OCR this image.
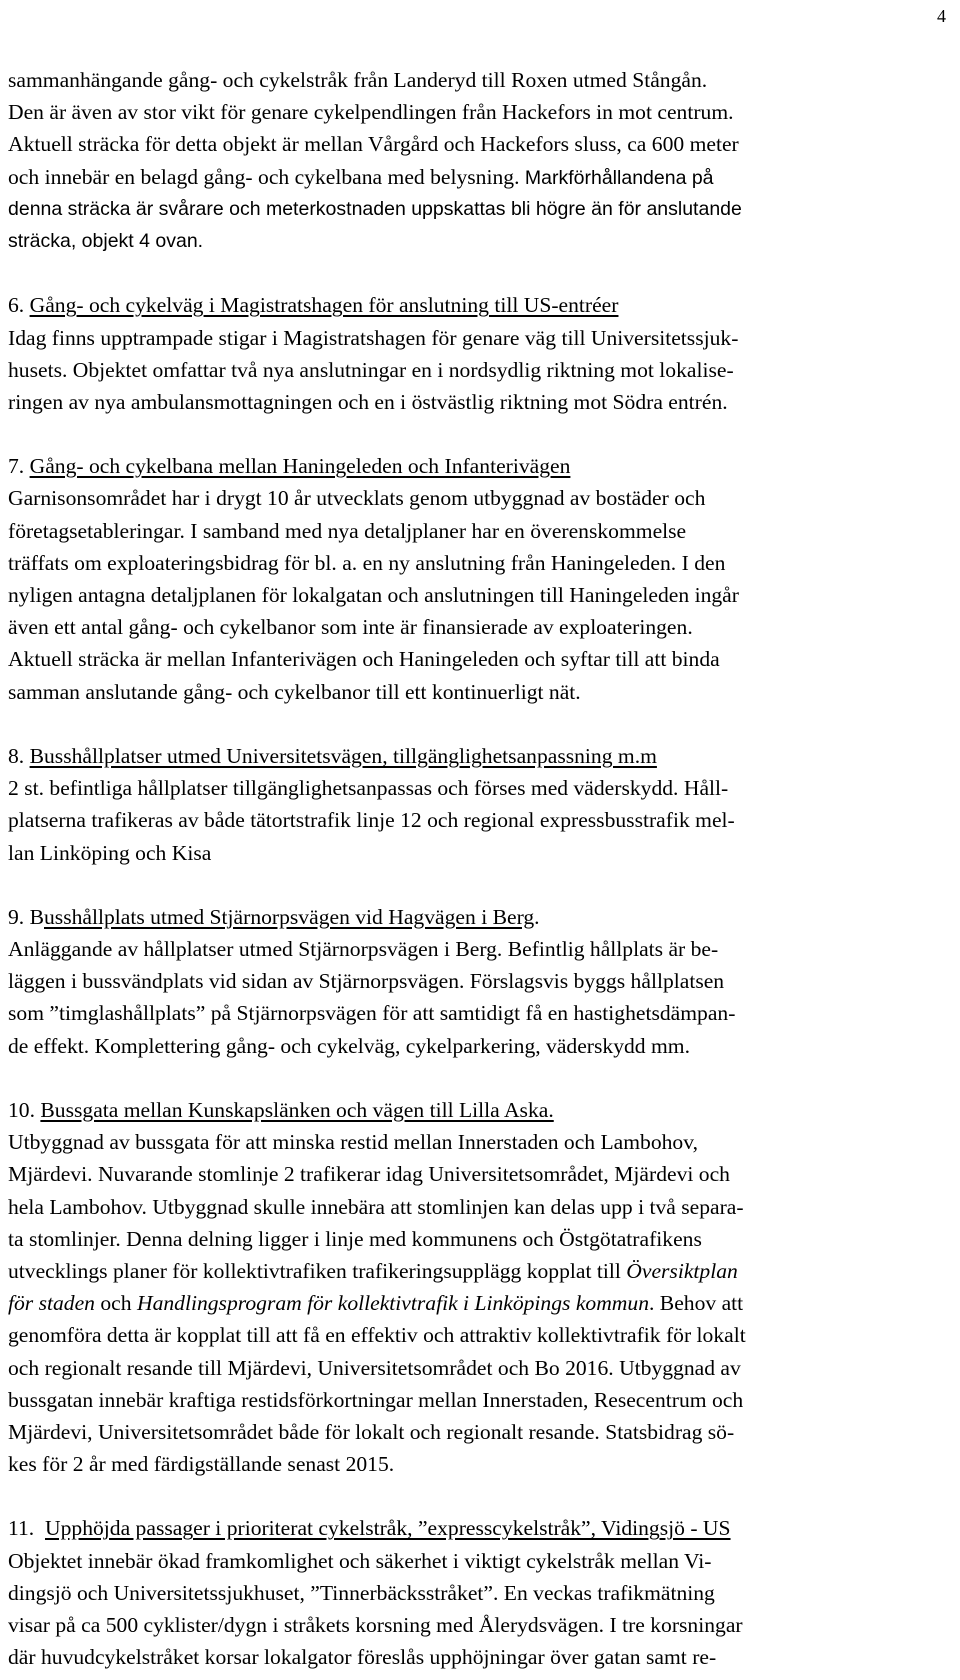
4
sammanhängande gång- och cykelstråk från Landeryd till Roxen utmed Stångån.
Den är även av stor vikt för genare cykelpendlingen från Hackefors in mot centrum.
Aktuell sträcka för detta objekt är mellan Vårgård och Hackefors sluss, ca 600 meter
och innebär en belagd gång- och cykelbana med belysning. Markförhållandena på
denna sträcka är svårare och meterkostnaden uppskattas bli högre än för anslutande
sträcka, objekt 4 ovan.
6. Gång- och cykelväg i Magistratshagen för anslutning till US-entréer
Idag finns upptrampade stigar i Magistratshagen för genare väg till Universitetssjuk-
husets. Objektet omfattar två nya anslutningar en i nordsydlig riktning mot lokalise-
ringen av nya ambulansmottagningen och en i östvästlig riktning mot Södra entrén.
7. Gång- och cykelbana mellan Haningeleden och Infanterivägen
Garnisonsområdet har i drygt 10 år utvecklats genom utbyggnad av bostäder och
företagsetableringar. I samband med nya detaljplaner har en överenskommelse
träffats om exploateringsbidrag för bl. a. en ny anslutning från Haningeleden. I den
nyligen antagna detaljplanen för lokalgatan och anslutningen till Haningeleden ingår
även ett antal gång- och cykelbanor som inte är finansierade av exploateringen.
Aktuell sträcka är mellan Infanterivägen och Haningeleden och syftar till att binda
samman anslutande gång- och cykelbanor till ett kontinuerligt nät.
8. Busshållplatser utmed Universitetsvägen, tillgänglighetsanpassning m.m
2 st. befintliga hållplatser tillgänglighetsanpassas och förses med väderskydd. Håll-
platserna trafikeras av både tätortstrafik linje 12 och regional expressbusstrafik mel-
lan Linköping och Kisa
9. Busshållplats utmed Stjärnorpsvägen vid Hagvägen i Berg.
Anläggande av hållplatser utmed Stjärnorpsvägen i Berg. Befintlig hållplats är be-
läggen i bussvändplats vid sidan av Stjärnorpsvägen. Förslagsvis byggs hållplatsen
som ”timglashållplats” på Stjärnorpsvägen för att samtidigt få en hastighetsdämpan-
de effekt. Komplettering gång- och cykelväg, cykelparkering, väderskydd mm.
10. Bussgata mellan Kunskapslänken och vägen till Lilla Aska.
Utbyggnad av bussgata för att minska restid mellan Innerstaden och Lambohov,
Mjärdevi. Nuvarande stomlinje 2 trafikerar idag Universitetsområdet, Mjärdevi och
hela Lambohov. Utbyggnad skulle innebära att stomlinjen kan delas upp i två separa-
ta stomlinjer. Denna delning ligger i linje med kommunens och Östgötatrafikens
utvecklings planer för kollektivtrafiken trafikeringsupplägg kopplat till Översiktplan
för staden och Handlingsprogram för kollektivtrafik i Linköpings kommun. Behov att
genomföra detta är kopplat till att få en effektiv och attraktiv kollektivtrafik för lokalt
och regionalt resande till Mjärdevi, Universitetsområdet och Bo 2016. Utbyggnad av
bussgatan innebär kraftiga restidsförkortningar mellan Innerstaden, Resecentrum och
Mjärdevi, Universitetsområdet både för lokalt och regionalt resande. Statsbidrag sö-
kes för 2 år med färdigställande senast 2015.
11.  Upphöjda passager i prioriterat cykelstråk, ”expresscykelstråk”, Vidingsjö - US
Objektet innebär ökad framkomlighet och säkerhet i viktigt cykelstråk mellan Vi-
dingsjö och Universitetssjukhuset, ”Tinnerbäcksstråket”. En veckas trafikmätning
visar på ca 500 cyklister/dygn i stråkets korsning med Ålerydsvägen. I tre korsningar
där huvudcykelstråket korsar lokalgator föreslås upphöjningar över gatan samt re-
